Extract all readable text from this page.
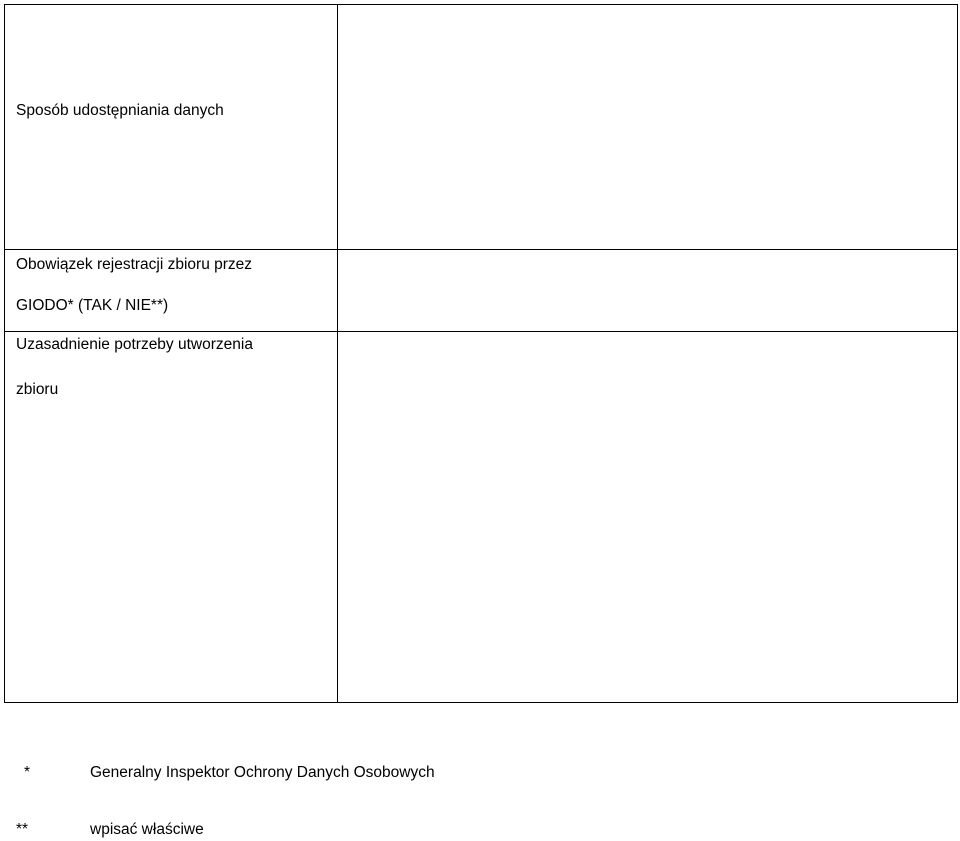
Sposób udostępniania danych	

Obowiązek rejestracji zbioru przez
GIODO* (TAK / NIE**)	

Uzasadnienie potrzeby utworzenia
zbioru	

*	Generalny Inspektor Ochrony Danych Osobowych
**	wpisać właściwe
